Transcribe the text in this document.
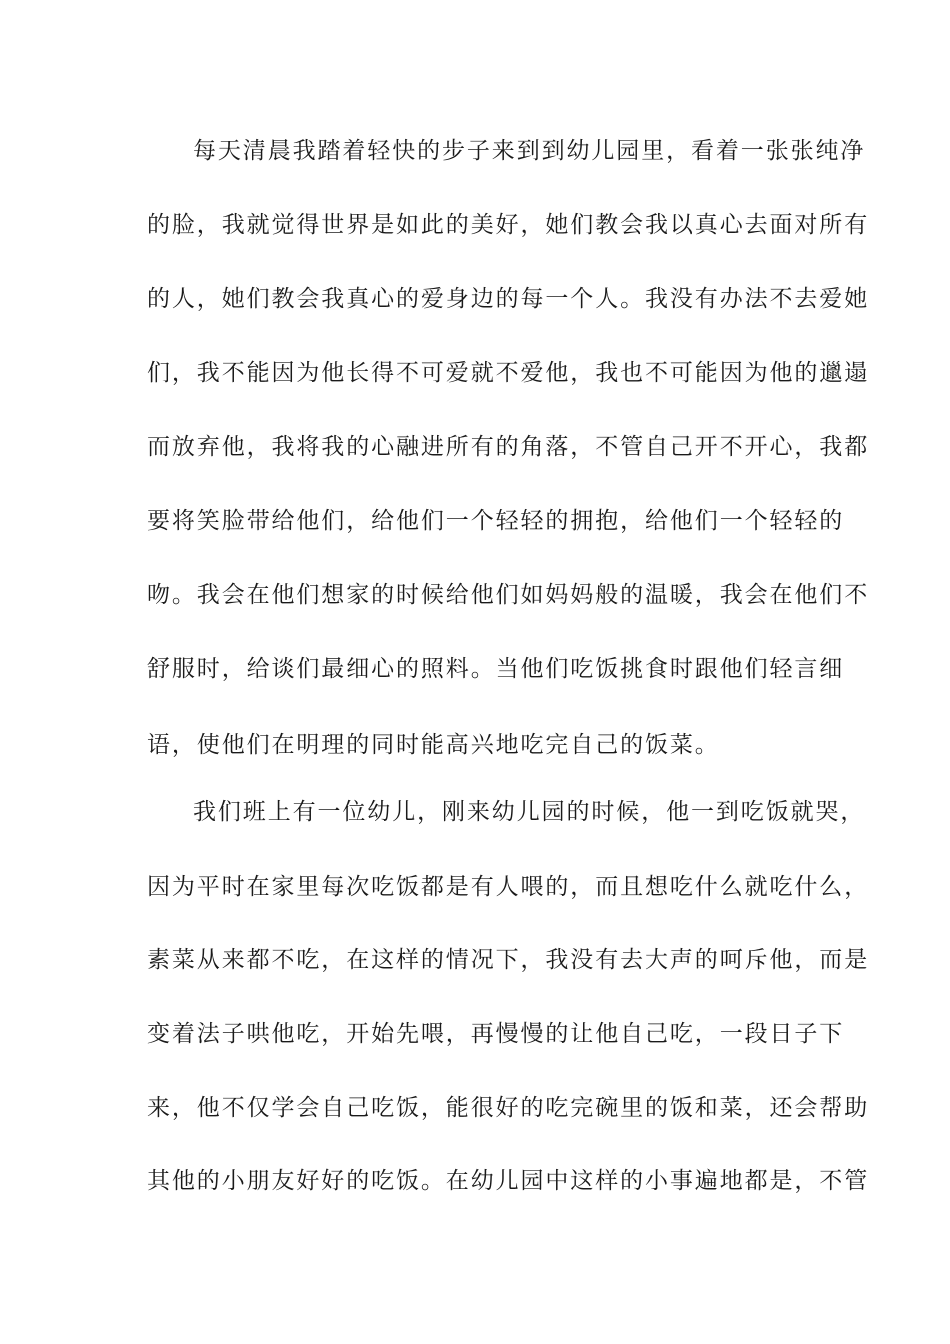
每天清晨我踏着轻快的步子来到到幼儿园里，看着一张张纯净
的脸，我就觉得世界是如此的美好，她们教会我以真心去面对所有
的人，她们教会我真心的爱身边的每一个人。我没有办法不去爱她
们，我不能因为他长得不可爱就不爱他，我也不可能因为他的邋遢
而放弃他，我将我的心融进所有的角落，不管自己开不开心，我都
要将笑脸带给他们，给他们一个轻轻的拥抱，给他们一个轻轻的
吻。我会在他们想家的时候给他们如妈妈般的温暖，我会在他们不
舒服时，给谈们最细心的照料。当他们吃饭挑食时跟他们轻言细
语，使他们在明理的同时能高兴地吃完自己的饭菜。
我们班上有一位幼儿，刚来幼儿园的时候，他一到吃饭就哭，
因为平时在家里每次吃饭都是有人喂的，而且想吃什么就吃什么，
素菜从来都不吃，在这样的情况下，我没有去大声的呵斥他，而是
变着法子哄他吃，开始先喂，再慢慢的让他自己吃，一段日子下
来，他不仅学会自己吃饭，能很好的吃完碗里的饭和菜，还会帮助
其他的小朋友好好的吃饭。在幼儿园中这样的小事遍地都是，不管
